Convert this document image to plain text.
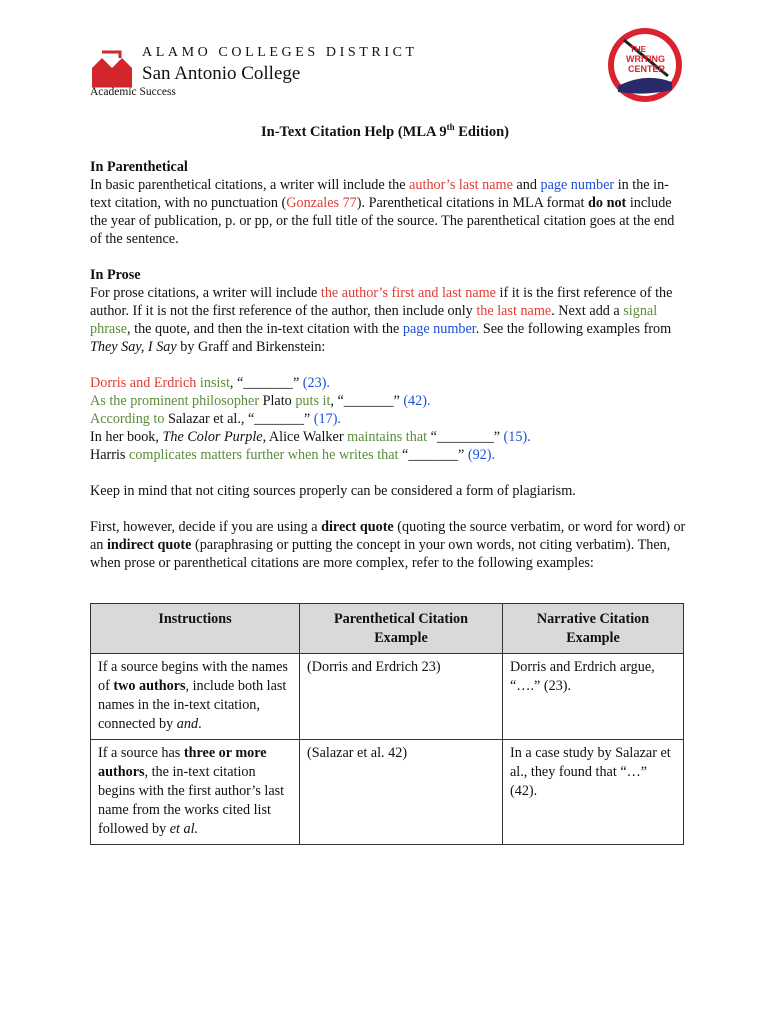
ALAMO COLLEGES DISTRICT
San Antonio College
Academic Success
THE
WRITING
CENTER
In-Text Citation Help (MLA 9th Edition)

In Parenthetical

In basic parenthetical citations, a writer will include the author’s last name and page number in the in-text citation, with no punctuation (Gonzales 77). Parenthetical citations in MLA format do not include the year of publication, p. or pp, or the full title of the source. The parenthetical citation goes at the end of the sentence.

In Prose

For prose citations, a writer will include the author’s first and last name if it is the first reference of the author. If it is not the first reference of the author, then include only the last name. Next add a signal phrase, the quote, and then the in-text citation with the page number. See the following examples from They Say, I Say by Graff and Birkenstein:

Dorris and Erdrich insist, “_______” (23).

As the prominent philosopher Plato puts it, “_______” (42).

According to Salazar et al., “_______” (17).

In her book, The Color Purple, Alice Walker maintains that “________” (15).

Harris complicates matters further when he writes that “_______” (92).

Keep in mind that not citing sources properly can be considered a form of plagiarism.

First, however, decide if you are using a direct quote (quoting the source verbatim, or word for word) or an indirect quote (paraphrasing or putting the concept in your own words, not citing verbatim). Then, when prose or parenthetical citations are more complex, refer to the following examples:

Instructions	Parenthetical Citation Example	Narrative Citation Example
If a source begins with the names of two authors, include both last names in the in-text citation, connected by and.	(Dorris and Erdrich 23)	Dorris and Erdrich argue, “….” (23).
If a source has three or more authors, the in-text citation begins with the first author’s last name from the works cited list followed by et al.	(Salazar et al. 42)	In a case study by Salazar et al., they found that “…” (42).
